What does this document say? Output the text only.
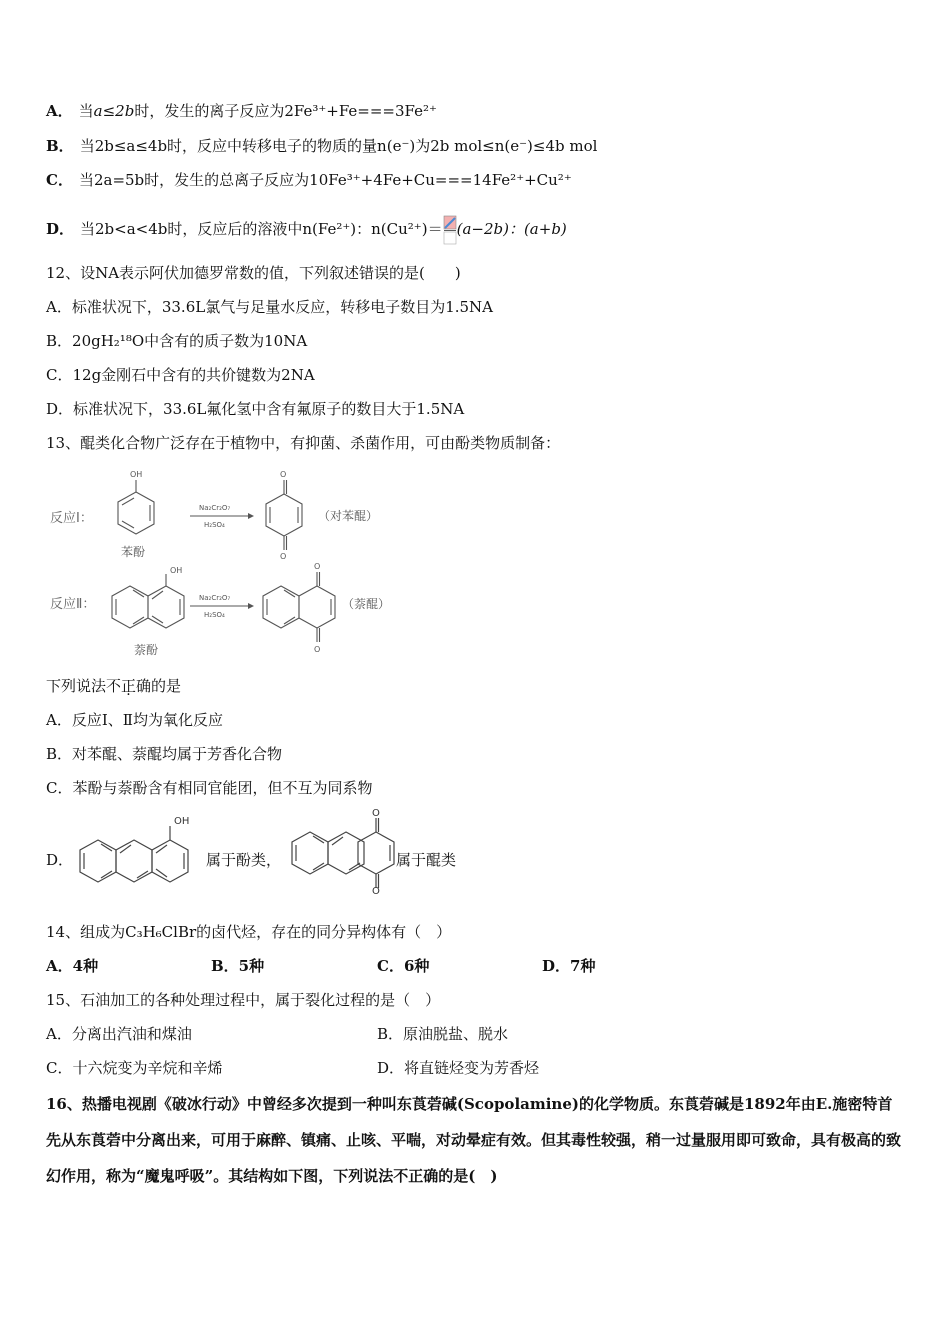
A． 当a≤2b时，发生的离子反应为2Fe³⁺+Fe===3Fe²⁺
B． 当2b≤a≤4b时，反应中转移电子的物质的量n(e⁻)为2b mol≤n(e⁻)≤4b mol
C． 当2a=5b时，发生的总离子反应为10Fe³⁺+4Fe+Cu===14Fe²⁺+Cu²⁺
D． 当2b<a<4b时，反应后的溶液中n(Fe²⁺)：n(Cu²⁺)＝ (a−2b)：(a+b)
12、设NA表示阿伏加德罗常数的值，下列叙述错误的是(　　)
A．标准状况下，33.6L氯气与足量水反应，转移电子数目为1.5NA
B．20gH₂¹⁸O中含有的质子数为10NA
C．12g金刚石中含有的共价键数为2NA
D．标准状况下，33.6L氟化氢中含有氟原子的数目大于1.5NA
13、醌类化合物广泛存在于植物中，有抑菌、杀菌作用，可由酚类物质制备：
反应Ⅰ：
OH
苯酚
Na₂Cr₂O₇
H₂SO₄
O
O
（对苯醌）
反应Ⅱ：
OH
萘酚
Na₂Cr₂O₇
H₂SO₄
O
O
（萘醌）
下列说法不正确的是
A．反应Ⅰ、Ⅱ均为氧化反应
B．对苯醌、萘醌均属于芳香化合物
C．苯酚与萘酚含有相同官能团，但不互为同系物
D．
OH
属于酚类，
O
O
属于醌类
14、组成为C₃H₆ClBr的卤代烃，存在的同分异构体有（　）
A．4种	B．5种	C．6种	D．7种
15、石油加工的各种处理过程中，属于裂化过程的是（　）
A．分离出汽油和煤油	B．原油脱盐、脱水
C．十六烷变为辛烷和辛烯	D．将直链烃变为芳香烃
16、热播电视剧《破冰行动》中曾经多次提到一种叫东莨菪碱(Scopolamine)的化学物质。东莨菪碱是1892年由E.施密特首先从东莨菪中分离出来，可用于麻醉、镇痛、止咳、平喘，对动晕症有效。但其毒性较强，稍一过量服用即可致命，具有极高的致幻作用，称为“魔鬼呼吸”。其结构如下图，下列说法不正确的是(　)
